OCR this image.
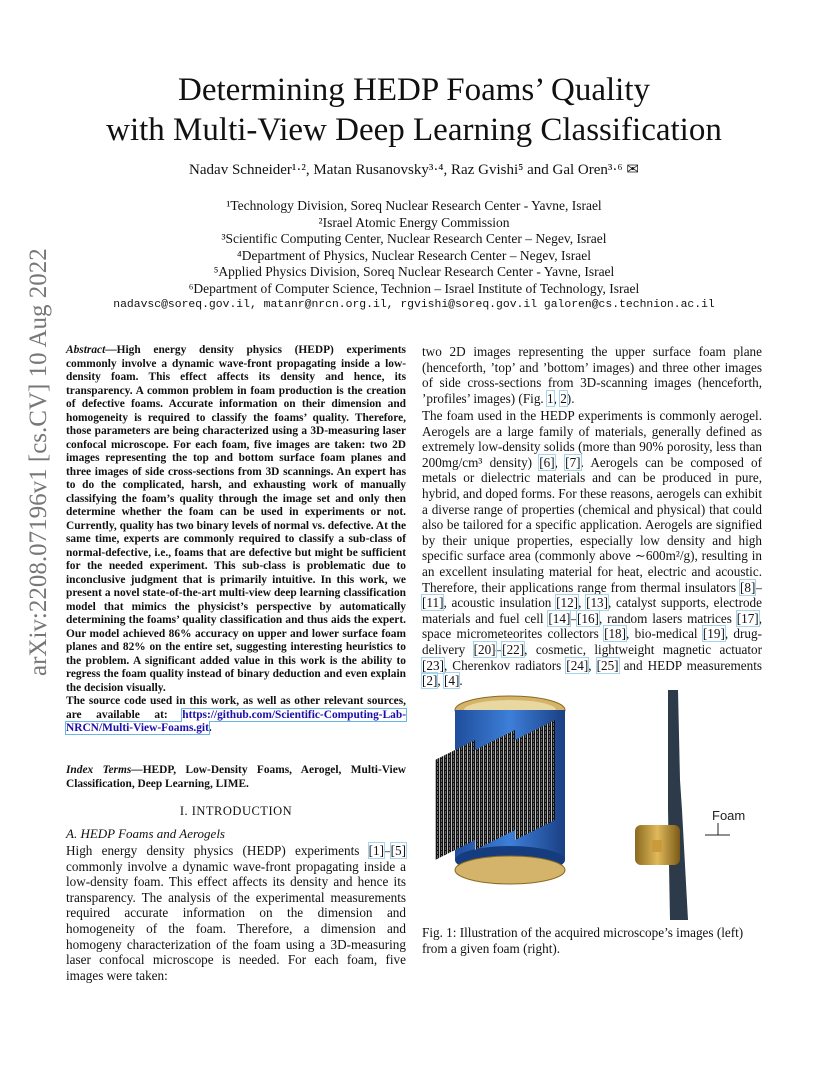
arXiv:2208.07196v1 [cs.CV] 10 Aug 2022
Determining HEDP Foams’ Quality
with Multi-View Deep Learning Classification
Nadav Schneider¹·², Matan Rusanovsky³·⁴, Raz Gvishi⁵ and Gal Oren³·⁶ ✉
¹Technology Division, Soreq Nuclear Research Center - Yavne, Israel
²Israel Atomic Energy Commission
³Scientific Computing Center, Nuclear Research Center – Negev, Israel
⁴Department of Physics, Nuclear Research Center – Negev, Israel
⁵Applied Physics Division, Soreq Nuclear Research Center - Yavne, Israel
⁶Department of Computer Science, Technion – Israel Institute of Technology, Israel
nadavsc@soreq.gov.il, matanr@nrcn.org.il, rgvishi@soreq.gov.il galoren@cs.technion.ac.il
Abstract—High energy density physics (HEDP) experiments commonly involve a dynamic wave-front propagating inside a low-density foam. This effect affects its density and hence, its transparency. A common problem in foam production is the creation of defective foams. Accurate information on their dimension and homogeneity is required to classify the foams’ quality. Therefore, those parameters are being characterized using a 3D-measuring laser confocal microscope. For each foam, five images are taken: two 2D images representing the top and bottom surface foam planes and three images of side cross-sections from 3D scannings. An expert has to do the complicated, harsh, and exhausting work of manually classifying the foam’s quality through the image set and only then determine whether the foam can be used in experiments or not. Currently, quality has two binary levels of normal vs. defective. At the same time, experts are commonly required to classify a sub-class of normal-defective, i.e., foams that are defective but might be sufficient for the needed experiment. This sub-class is problematic due to inconclusive judgment that is primarily intuitive. In this work, we present a novel state-of-the-art multi-view deep learning classification model that mimics the physicist’s perspective by automatically determining the foams’ quality classification and thus aids the expert. Our model achieved 86% accuracy on upper and lower surface foam planes and 82% on the entire set, suggesting interesting heuristics to the problem. A significant added value in this work is the ability to regress the foam quality instead of binary deduction and even explain the decision visually.
The source code used in this work, as well as other relevant sources, are available at: https://github.com/Scientific-Computing-Lab-NRCN/Multi-View-Foams.git.
Index Terms—HEDP, Low-Density Foams, Aerogel, Multi-View Classification, Deep Learning, LIME.
I. INTRODUCTION
A. HEDP Foams and Aerogels
High energy density physics (HEDP) experiments [1]–[5] commonly involve a dynamic wave-front propagating inside a low-density foam. This effect affects its density and hence its transparency. The analysis of the experimental measurements required accurate information on the dimension and homogeneity of the foam. Therefore, a dimension and homogeny characterization of the foam using a 3D-measuring laser confocal microscope is needed. For each foam, five images were taken:
two 2D images representing the upper surface foam plane (henceforth, ’top’ and ’bottom’ images) and three other images of side cross-sections from 3D-scanning images (henceforth, ’profiles’ images) (Fig. 1, 2).
The foam used in the HEDP experiments is commonly aerogel. Aerogels are a large family of materials, generally defined as extremely low-density solids (more than 90% porosity, less than 200mg/cm³ density) [6], [7]. Aerogels can be composed of metals or dielectric materials and can be produced in pure, hybrid, and doped forms. For these reasons, aerogels can exhibit a diverse range of properties (chemical and physical) that could also be tailored for a specific application. Aerogels are signified by their unique properties, especially low density and high specific surface area (commonly above ∼600m²/g), resulting in an excellent insulating material for heat, electric and acoustic. Therefore, their applications range from thermal insulators [8]–[11], acoustic insulation [12], [13], catalyst supports, electrode materials and fuel cell [14]–[16], random lasers matrices [17], space micrometeorites collectors [18], bio-medical [19], drug-delivery [20]–[22], cosmetic, lightweight magnetic actuator [23], Cherenkov radiators [24], [25] and HEDP measurements [2], [4].
Foam
Fig. 1: Illustration of the acquired microscope’s images (left) from a given foam (right).
